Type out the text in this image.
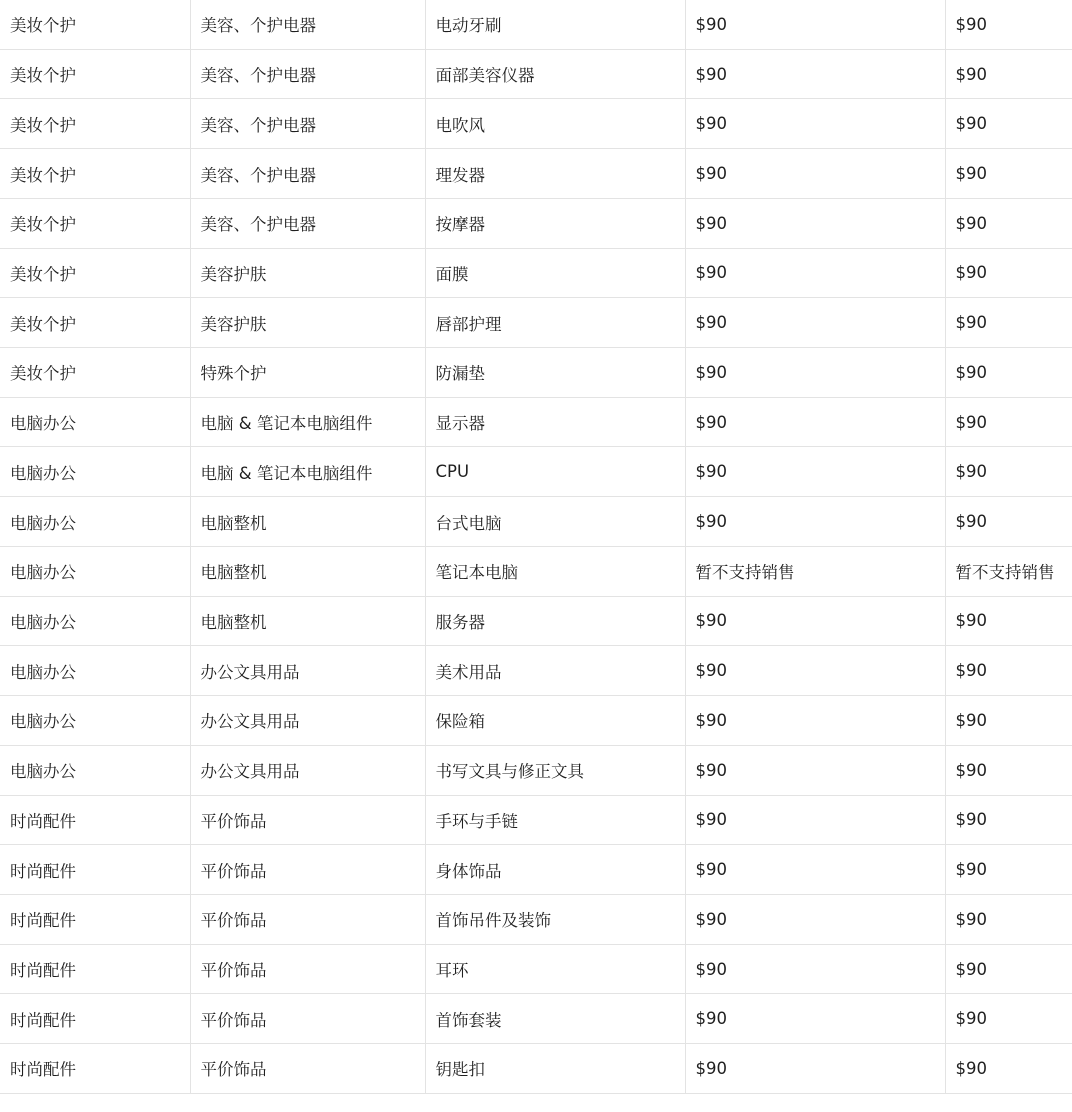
美妆个护	美容、个护电器	电动牙刷	$90	$90
美妆个护	美容、个护电器	面部美容仪器	$90	$90
美妆个护	美容、个护电器	电吹风	$90	$90
美妆个护	美容、个护电器	理发器	$90	$90
美妆个护	美容、个护电器	按摩器	$90	$90
美妆个护	美容护肤	面膜	$90	$90
美妆个护	美容护肤	唇部护理	$90	$90
美妆个护	特殊个护	防漏垫	$90	$90
电脑办公	电脑 & 笔记本电脑组件	显示器	$90	$90
电脑办公	电脑 & 笔记本电脑组件	CPU	$90	$90
电脑办公	电脑整机	台式电脑	$90	$90
电脑办公	电脑整机	笔记本电脑	暂不支持销售	暂不支持销售
电脑办公	电脑整机	服务器	$90	$90
电脑办公	办公文具用品	美术用品	$90	$90
电脑办公	办公文具用品	保险箱	$90	$90
电脑办公	办公文具用品	书写文具与修正文具	$90	$90
时尚配件	平价饰品	手环与手链	$90	$90
时尚配件	平价饰品	身体饰品	$90	$90
时尚配件	平价饰品	首饰吊件及装饰	$90	$90
时尚配件	平价饰品	耳环	$90	$90
时尚配件	平价饰品	首饰套装	$90	$90
时尚配件	平价饰品	钥匙扣	$90	$90
